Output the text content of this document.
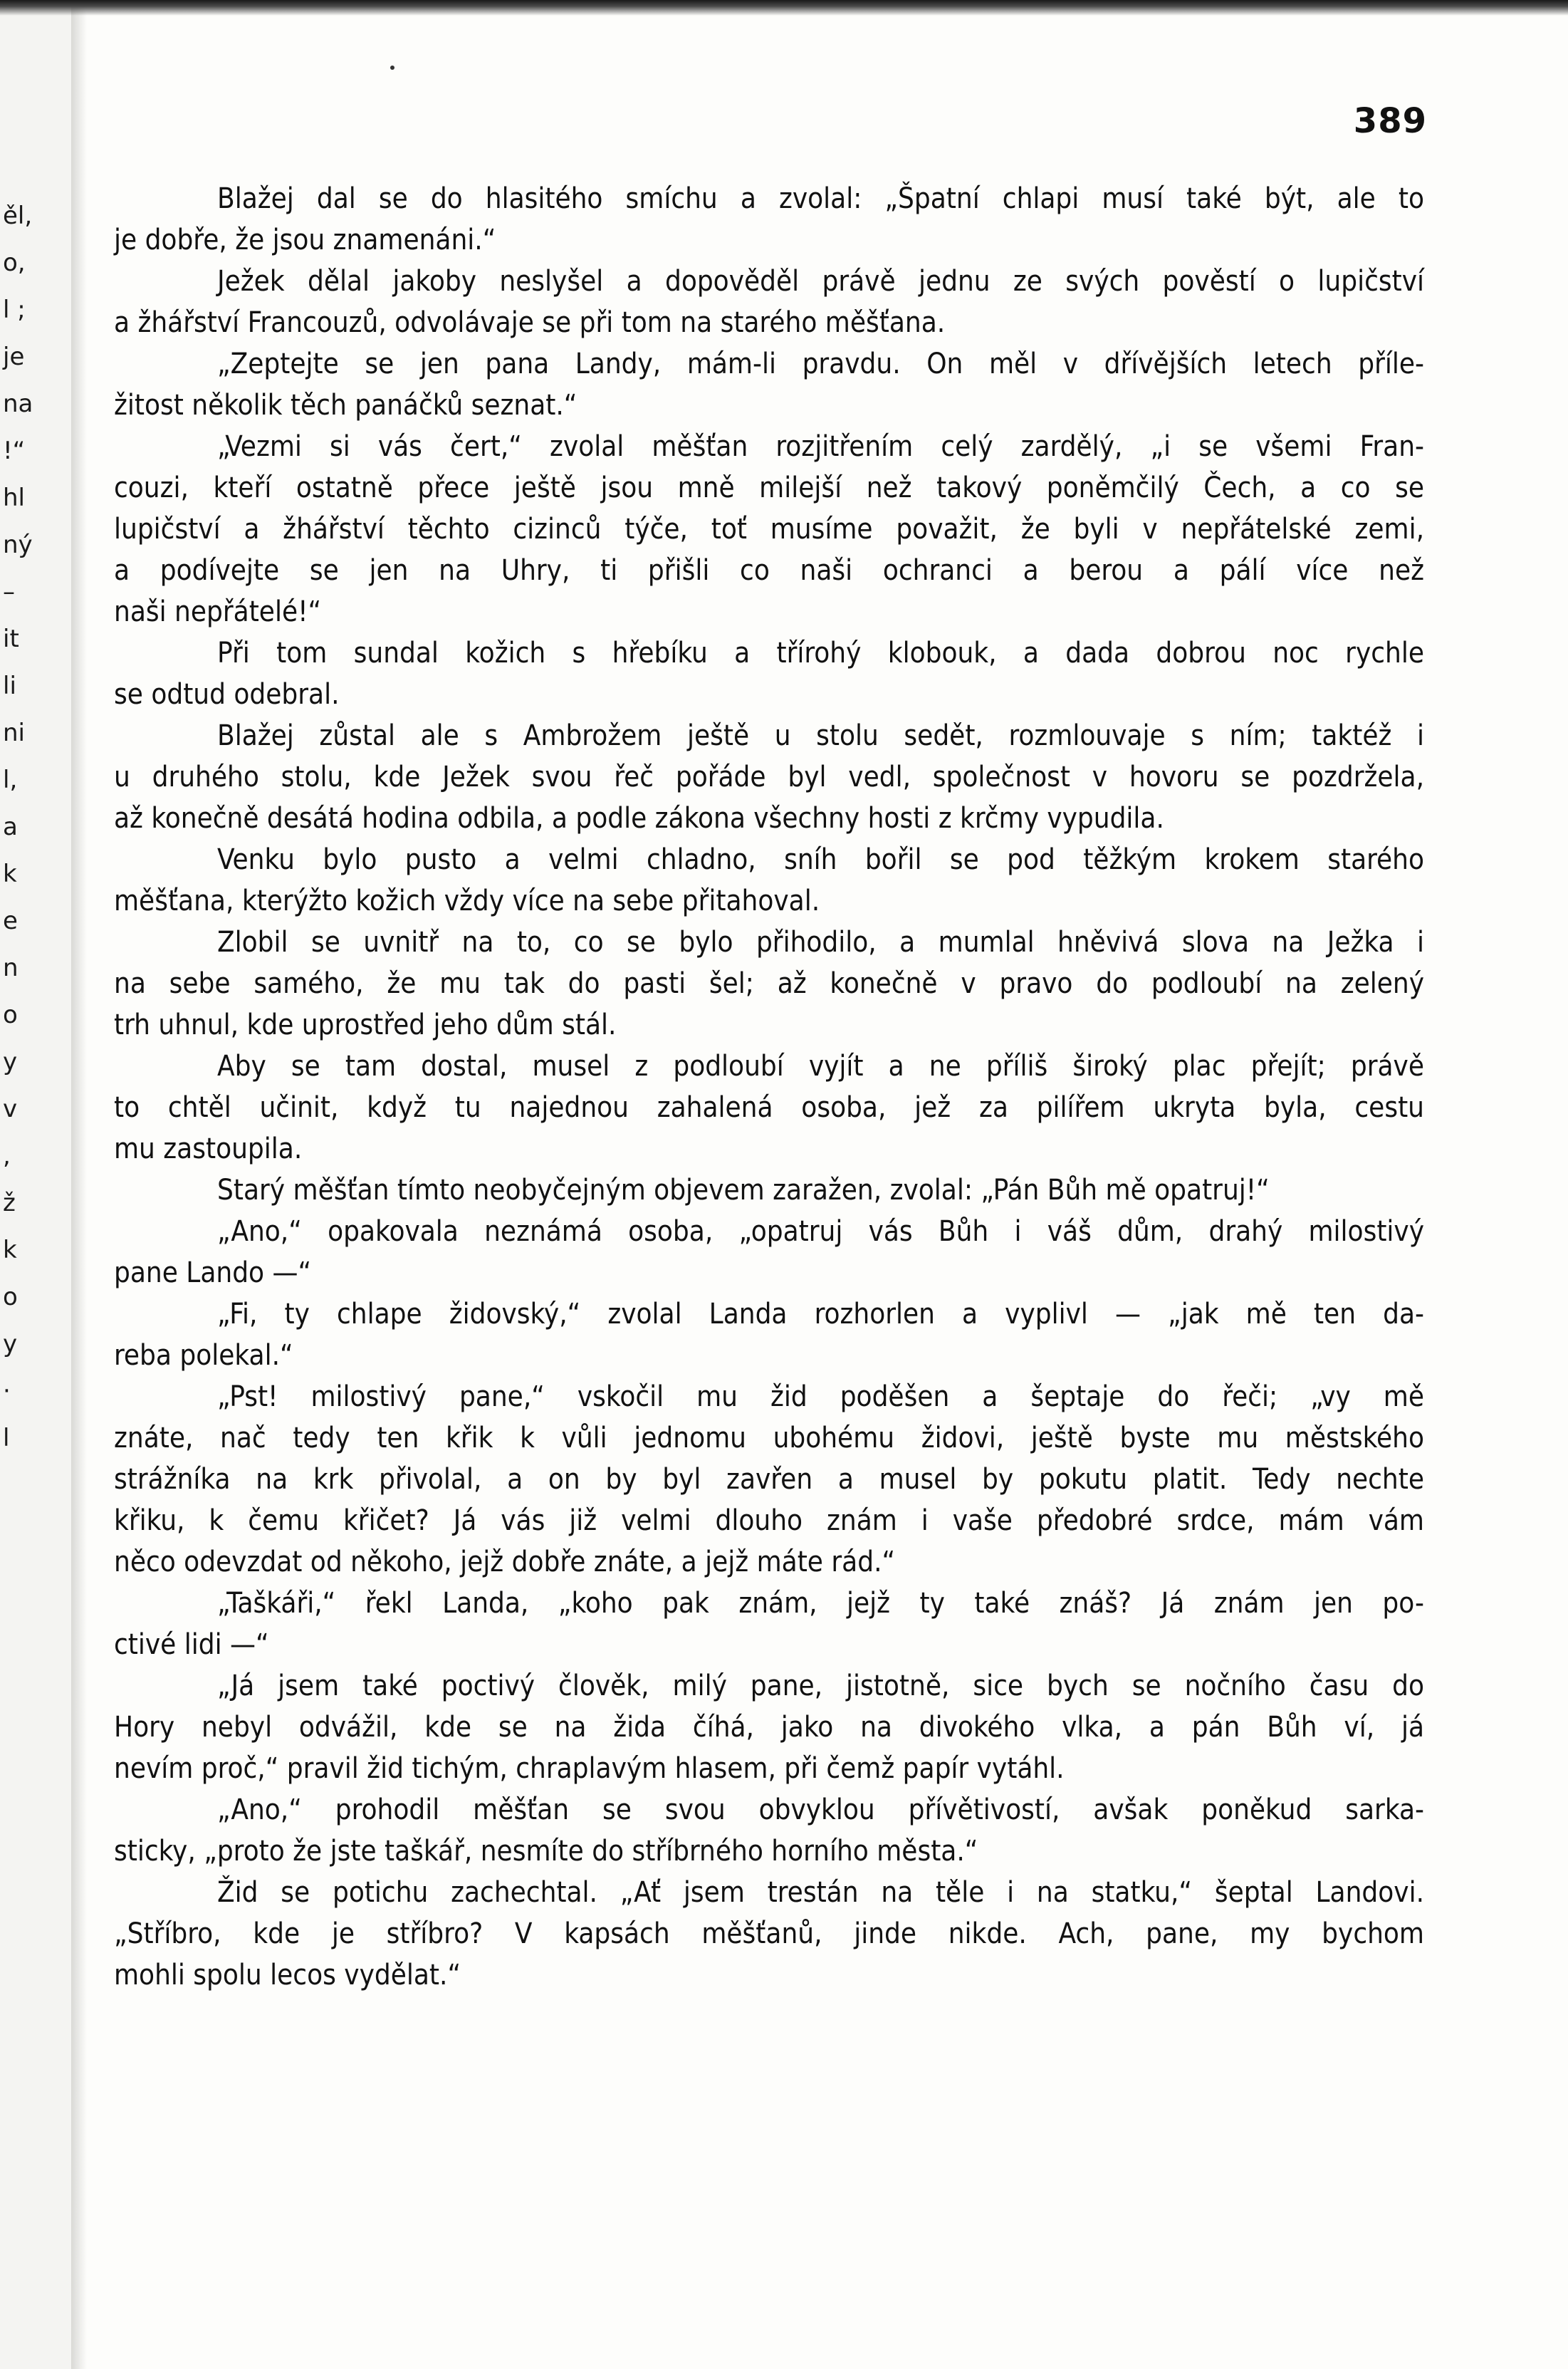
ěl,
o,
l ;
je
na
!“
hl
ný
–
it
li
ni
l,
a
k
e
n
o
y
v
,
ž
k
o
y
·
l
389
Blažej dal se do hlasitého smíchu a zvolal: „Špatní chlapi musí také být, ale to
je dobře, že jsou znamenáni.“
Ježek dělal jakoby neslyšel a dopověděl právě jednu ze svých pověstí o lupičství
a žhářství Francouzů, odvolávaje se při tom na starého měšťana.
„Zeptejte se jen pana Landy, mám-li pravdu. On měl v dřívějších letech příle-
žitost několik těch panáčků seznat.“
„Vezmi si vás čert,“ zvolal měšťan rozjitřením celý zardělý, „i se všemi Fran-
couzi, kteří ostatně přece ještě jsou mně milejší než takový poněmčilý Čech, a co se
lupičství a žhářství těchto cizinců týče, toť musíme považit, že byli v nepřátelské zemi,
a podívejte se jen na Uhry, ti přišli co naši ochranci a berou a pálí více než
naši nepřátelé!“
Při tom sundal kožich s hřebíku a třírohý klobouk, a dada dobrou noc rychle
se odtud odebral.
Blažej zůstal ale s Ambrožem ještě u stolu sedět, rozmlouvaje s ním; taktéž i
u druhého stolu, kde Ježek svou řeč pořáde byl vedl, společnost v hovoru se pozdržela,
až konečně desátá hodina odbila, a podle zákona všechny hosti z krčmy vypudila.
Venku bylo pusto a velmi chladno, sníh bořil se pod těžkým krokem starého
měšťana, kterýžto kožich vždy více na sebe přitahoval.
Zlobil se uvnitř na to, co se bylo přihodilo, a mumlal hněvivá slova na Ježka i
na sebe samého, že mu tak do pasti šel; až konečně v pravo do podloubí na zelený
trh uhnul, kde uprostřed jeho dům stál.
Aby se tam dostal, musel z podloubí vyjít a ne příliš široký plac přejít; právě
to chtěl učinit, když tu najednou zahalená osoba, jež za pilířem ukryta byla, cestu
mu zastoupila.
Starý měšťan tímto neobyčejným objevem zaražen, zvolal: „Pán Bůh mě opatruj!“
„Ano,“ opakovala neznámá osoba, „opatruj vás Bůh i váš dům, drahý milostivý
pane Lando —“
„Fi, ty chlape židovský,“ zvolal Landa rozhorlen a vyplivl — „jak mě ten da-
reba polekal.“
„Pst! milostivý pane,“ vskočil mu žid poděšen a šeptaje do řeči; „vy mě
znáte, nač tedy ten křik k vůli jednomu ubohému židovi, ještě byste mu městského
strážníka na krk přivolal, a on by byl zavřen a musel by pokutu platit. Tedy nechte
křiku, k čemu křičet? Já vás již velmi dlouho znám i vaše předobré srdce, mám vám
něco odevzdat od někoho, jejž dobře znáte, a jejž máte rád.“
„Taškáři,“ řekl Landa, „koho pak znám, jejž ty také znáš? Já znám jen po-
ctivé lidi —“
„Já jsem také poctivý člověk, milý pane, jistotně, sice bych se nočního času do
Hory nebyl odvážil, kde se na žida číhá, jako na divokého vlka, a pán Bůh ví, já
nevím proč,“ pravil žid tichým, chraplavým hlasem, při čemž papír vytáhl.
„Ano,“ prohodil měšťan se svou obvyklou přívětivostí, avšak poněkud sarka-
sticky, „proto že jste taškář, nesmíte do stříbrného horního města.“
Žid se potichu zachechtal. „Ať jsem trestán na těle i na statku,“ šeptal Landovi.
„Stříbro, kde je stříbro? V kapsách měšťanů, jinde nikde. Ach, pane, my bychom
mohli spolu lecos vydělat.“
